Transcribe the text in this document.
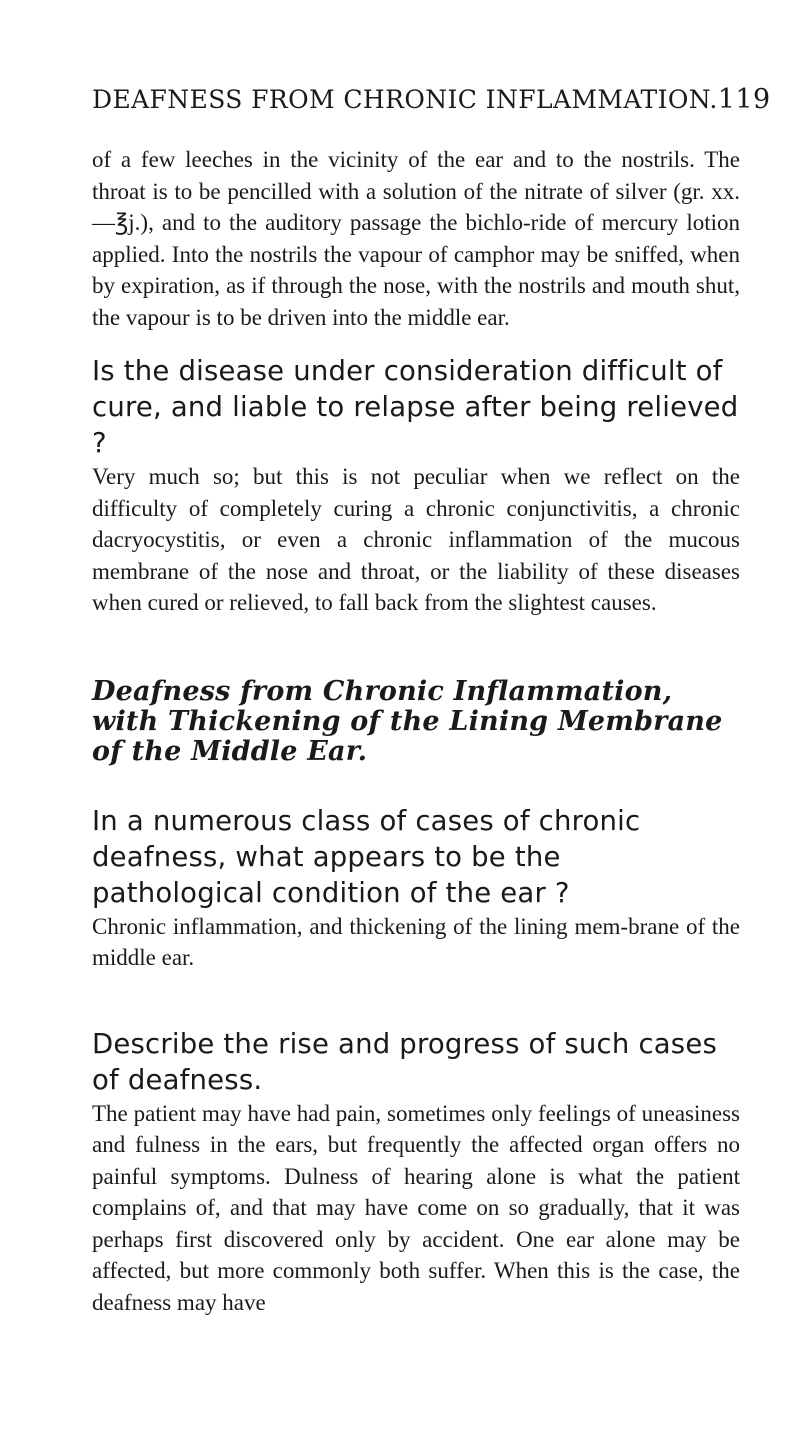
DEAFNESS FROM CHRONIC INFLAMMATION. 119

of a few leeches in the vicinity of the ear and to the nostrils. The throat is to be pencilled with a solution of the nitrate of silver (gr. xx.—℥j.), and to the auditory passage the bichlo-ride of mercury lotion applied. Into the nostrils the vapour of camphor may be sniffed, when by expiration, as if through the nose, with the nostrils and mouth shut, the vapour is to be driven into the middle ear.

Is the disease under consideration difficult of cure, and liable to relapse after being relieved ?

Very much so; but this is not peculiar when we reflect on the difficulty of completely curing a chronic conjunctivitis, a chronic dacryocystitis, or even a chronic inflammation of the mucous membrane of the nose and throat, or the liability of these diseases when cured or relieved, to fall back from the slightest causes.

Deafness from Chronic Inflammation, with Thickening of the Lining Membrane of the Middle Ear.

In a numerous class of cases of chronic deafness, what appears to be the pathological condition of the ear ?

Chronic inflammation, and thickening of the lining mem-brane of the middle ear.

Describe the rise and progress of such cases of deafness.

The patient may have had pain, sometimes only feelings of uneasiness and fulness in the ears, but frequently the affected organ offers no painful symptoms. Dulness of hearing alone is what the patient complains of, and that may have come on so gradually, that it was perhaps first discovered only by accident. One ear alone may be affected, but more commonly both suffer. When this is the case, the deafness may have
